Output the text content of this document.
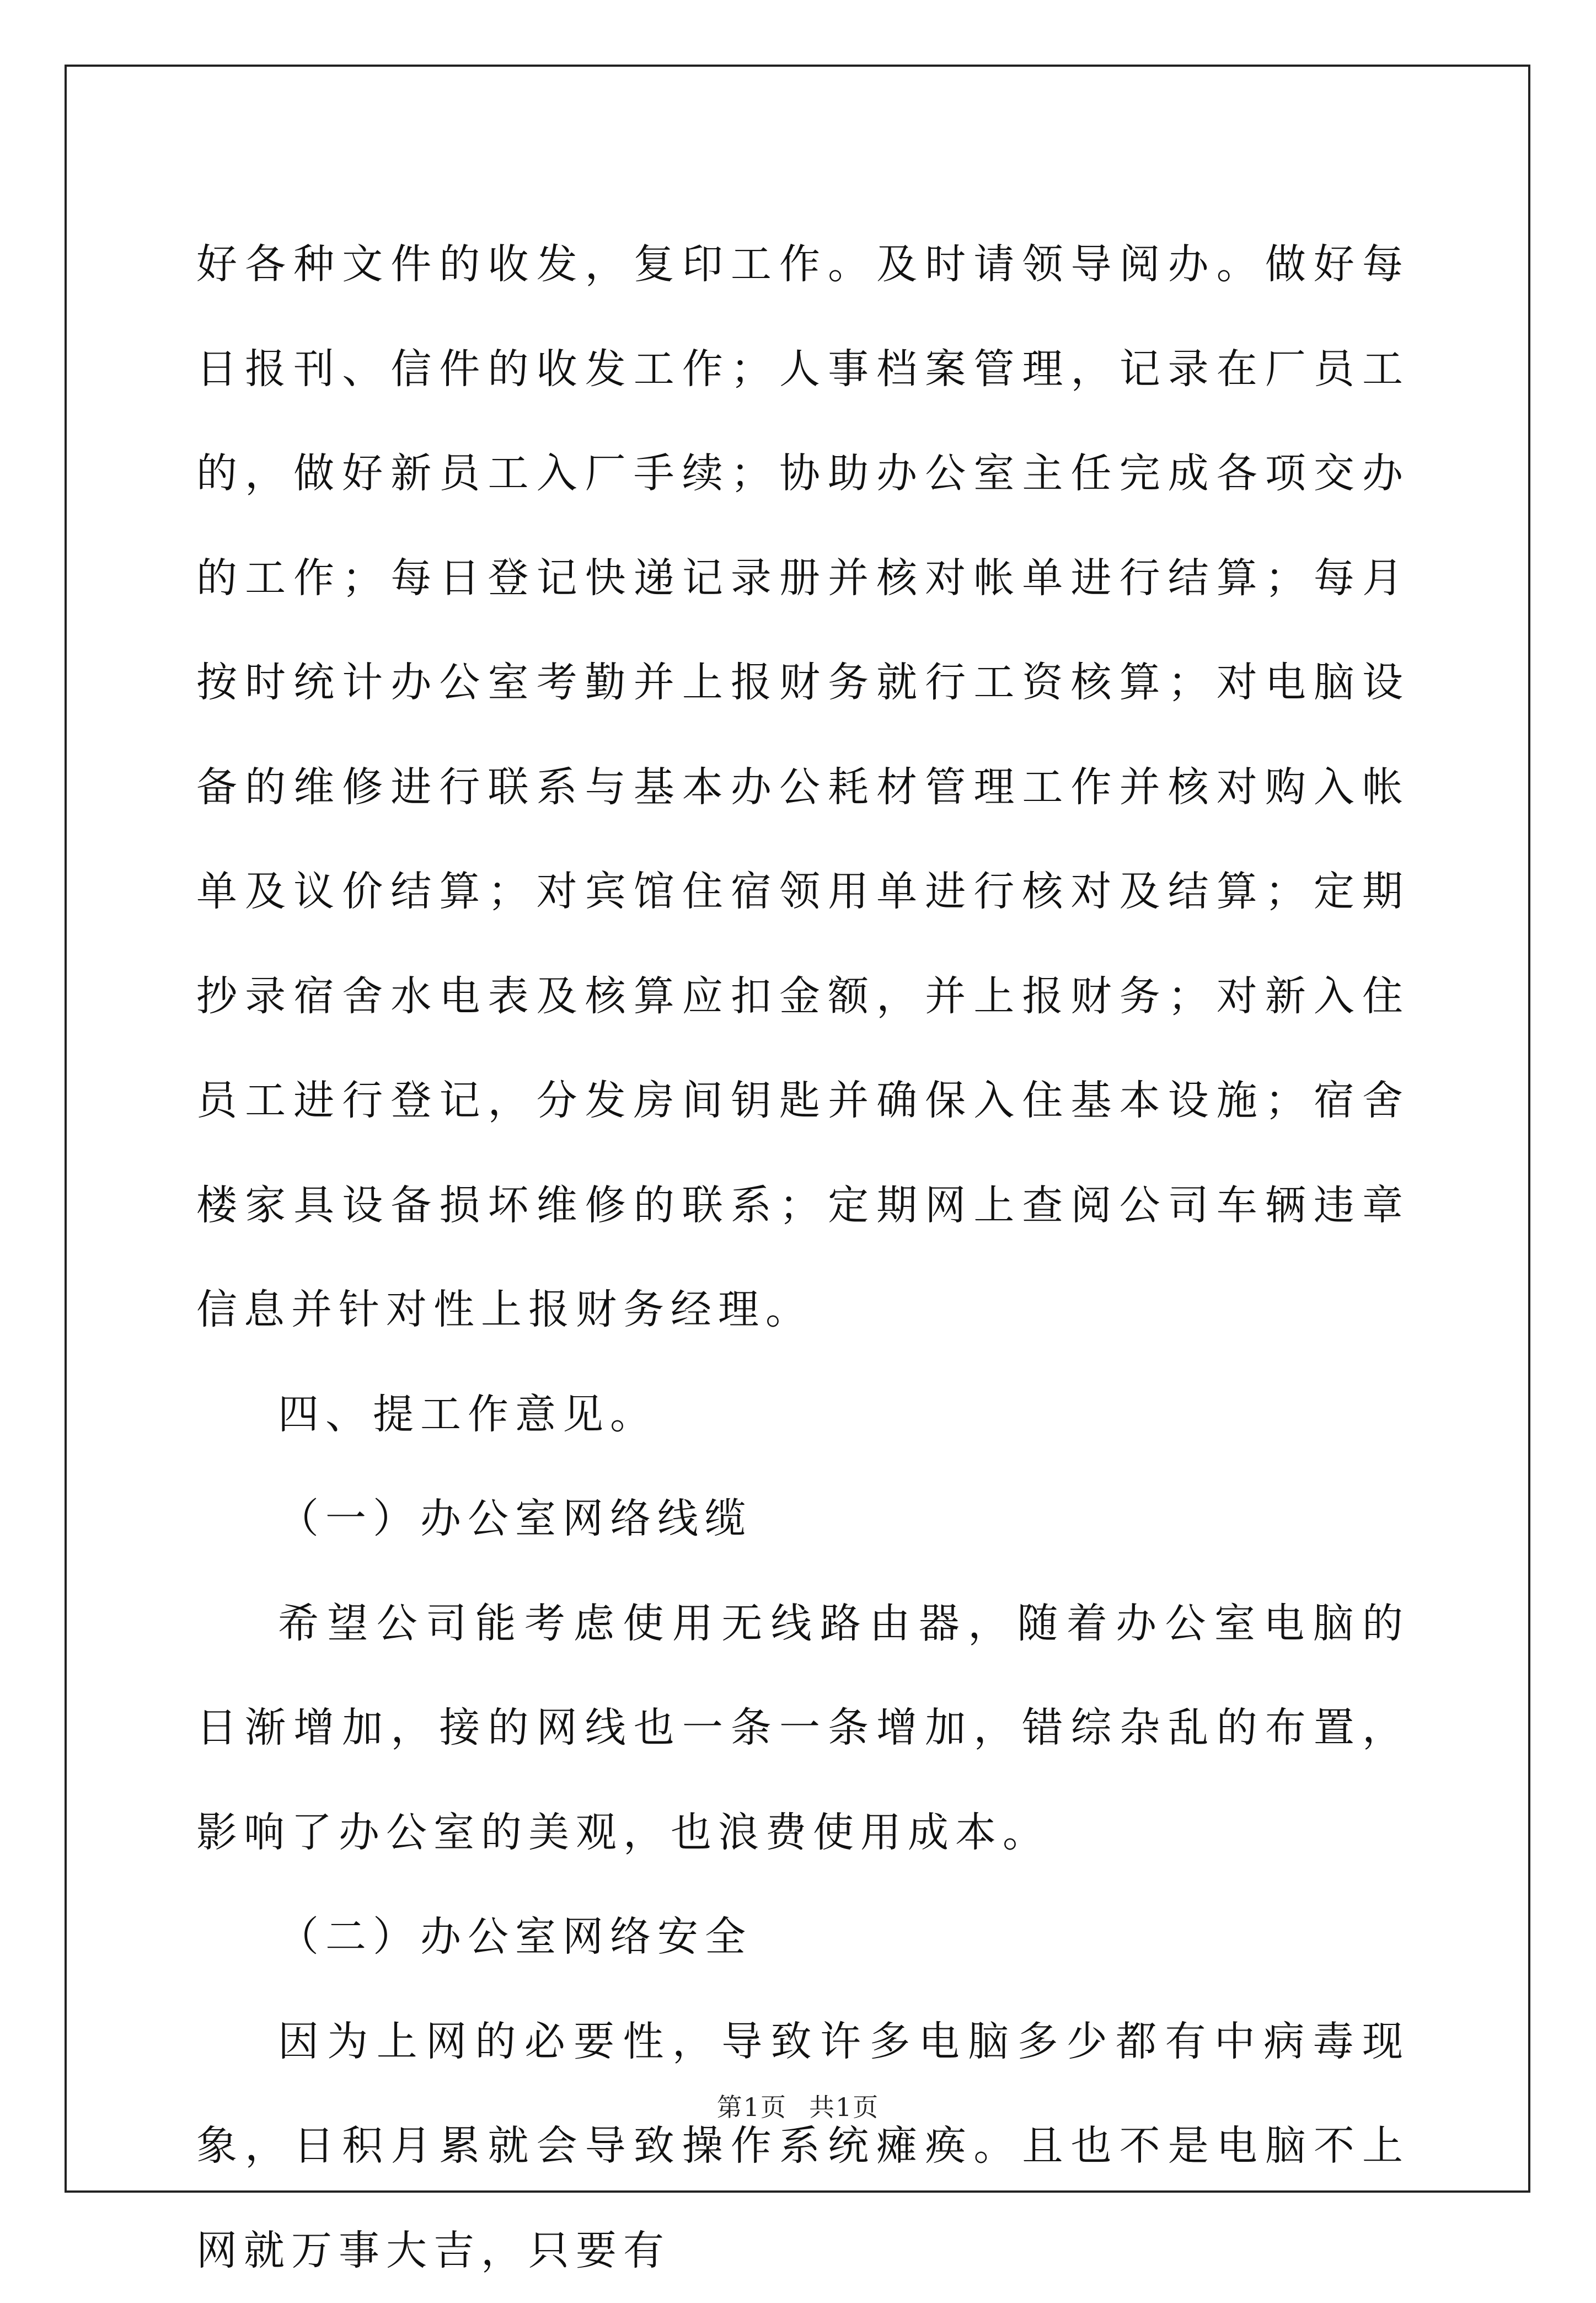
好各种文件的收发，复印工作。及时请领导阅办。做好每日报刊、信件的收发工作；人事档案管理，记录在厂员工的，做好新员工入厂手续；协助办公室主任完成各项交办的工作；每日登记快递记录册并核对帐单进行结算；每月按时统计办公室考勤并上报财务就行工资核算；对电脑设备的维修进行联系与基本办公耗材管理工作并核对购入帐单及议价结算；对宾馆住宿领用单进行核对及结算；定期抄录宿舍水电表及核算应扣金额，并上报财务；对新入住员工进行登记，分发房间钥匙并确保入住基本设施；宿舍楼家具设备损坏维修的联系；定期网上查阅公司车辆违章信息并针对性上报财务经理。

四、提工作意见。

（一）办公室网络线缆

希望公司能考虑使用无线路由器，随着办公室电脑的日渐增加，接的网线也一条一条增加，错综杂乱的布置，影响了办公室的美观，也浪费使用成本。

（二）办公室网络安全

因为上网的必要性，导致许多电脑多少都有中病毒现象，日积月累就会导致操作系统瘫痪。且也不是电脑不上网就万事大吉，只要有

第1页 共1页
